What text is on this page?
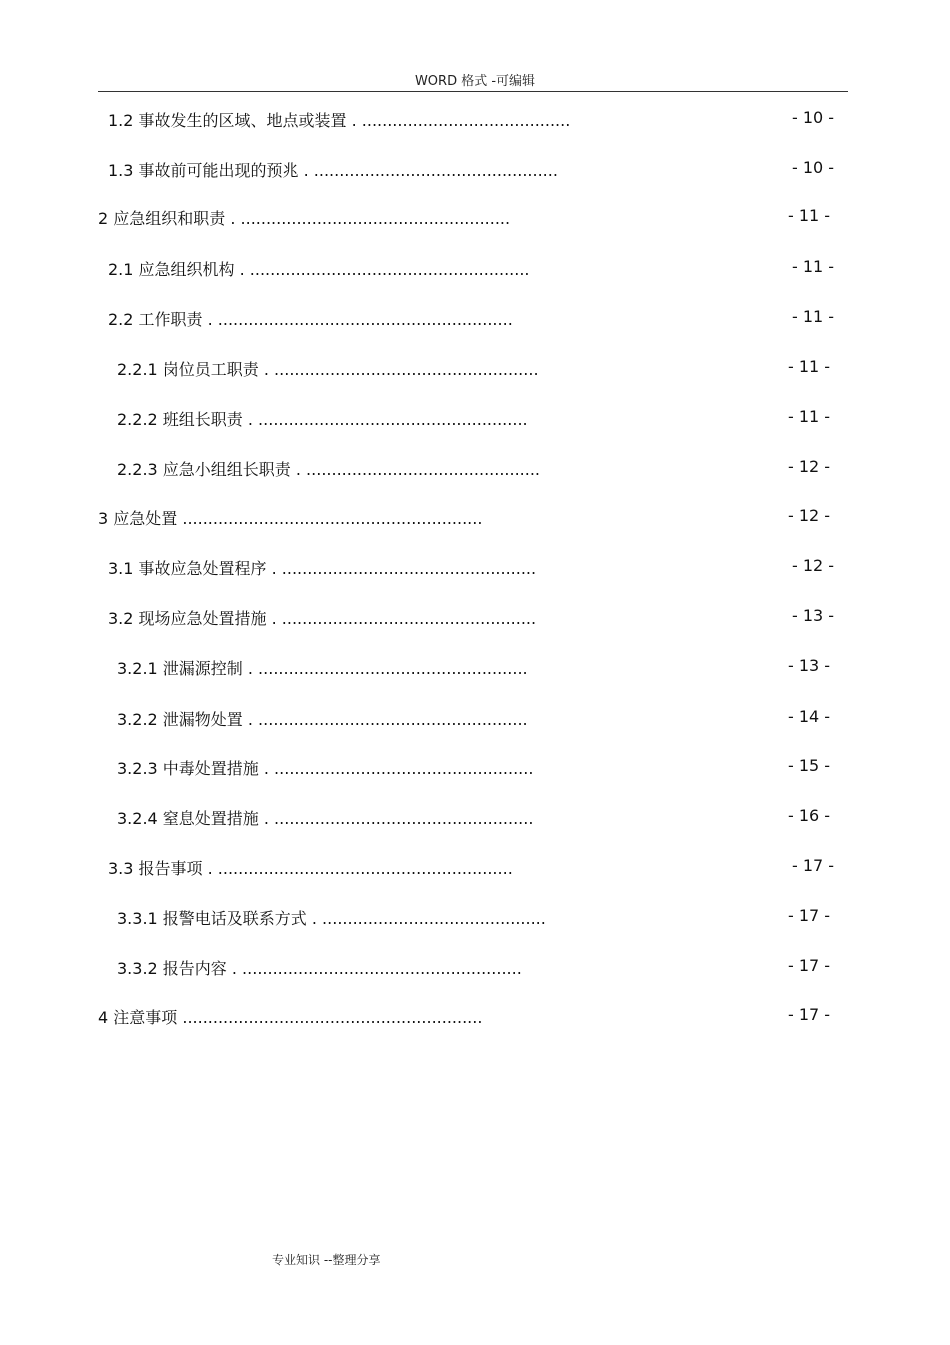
WORD 格式 -可编辑
1.2 事故发生的区域、地点或装置 . .........................................	- 10 -
1.3 事故前可能出现的预兆 . ................................................	- 10 -
2 应急组织和职责 . .....................................................	- 11 -
2.1 应急组织机构 . .......................................................	- 11 -
2.2 工作职责 . ..........................................................	- 11 -
2.2.1 岗位员工职责 . ....................................................	- 11 -
2.2.2 班组长职责 . .....................................................	- 11 -
2.2.3 应急小组组长职责 . ..............................................	- 12 -
3 应急处置 ...........................................................	- 12 -
3.1 事故应急处置程序 . ..................................................	- 12 -
3.2 现场应急处置措施 . ..................................................	- 13 -
3.2.1 泄漏源控制 . .....................................................	- 13 -
3.2.2 泄漏物处置 . .....................................................	- 14 -
3.2.3 中毒处置措施 . ...................................................	- 15 -
3.2.4 窒息处置措施 . ...................................................	- 16 -
3.3 报告事项 . ..........................................................	- 17 -
3.3.1 报警电话及联系方式 . ............................................	- 17 -
3.3.2 报告内容 . .......................................................	- 17 -
4 注意事项 ...........................................................	- 17 -
专业知识 --整理分享
